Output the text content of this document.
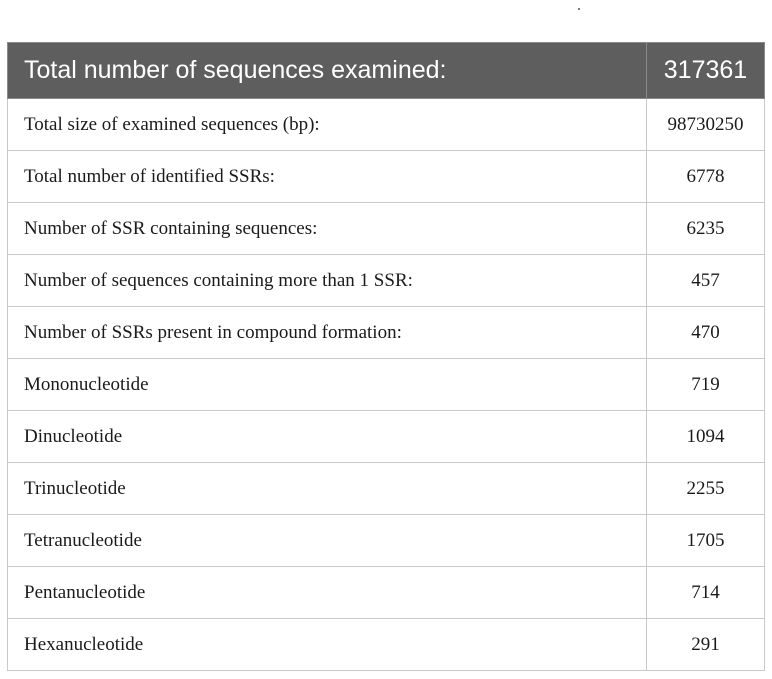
Total number of sequences examined:	317361
Total size of examined sequences (bp):	98730250
Total number of identified SSRs:	6778
Number of SSR containing sequences:	6235
Number of sequences containing more than 1 SSR:	457
Number of SSRs present in compound formation:	470
Mononucleotide	719
Dinucleotide	1094
Trinucleotide	2255
Tetranucleotide	1705
Pentanucleotide	714
Hexanucleotide	291
